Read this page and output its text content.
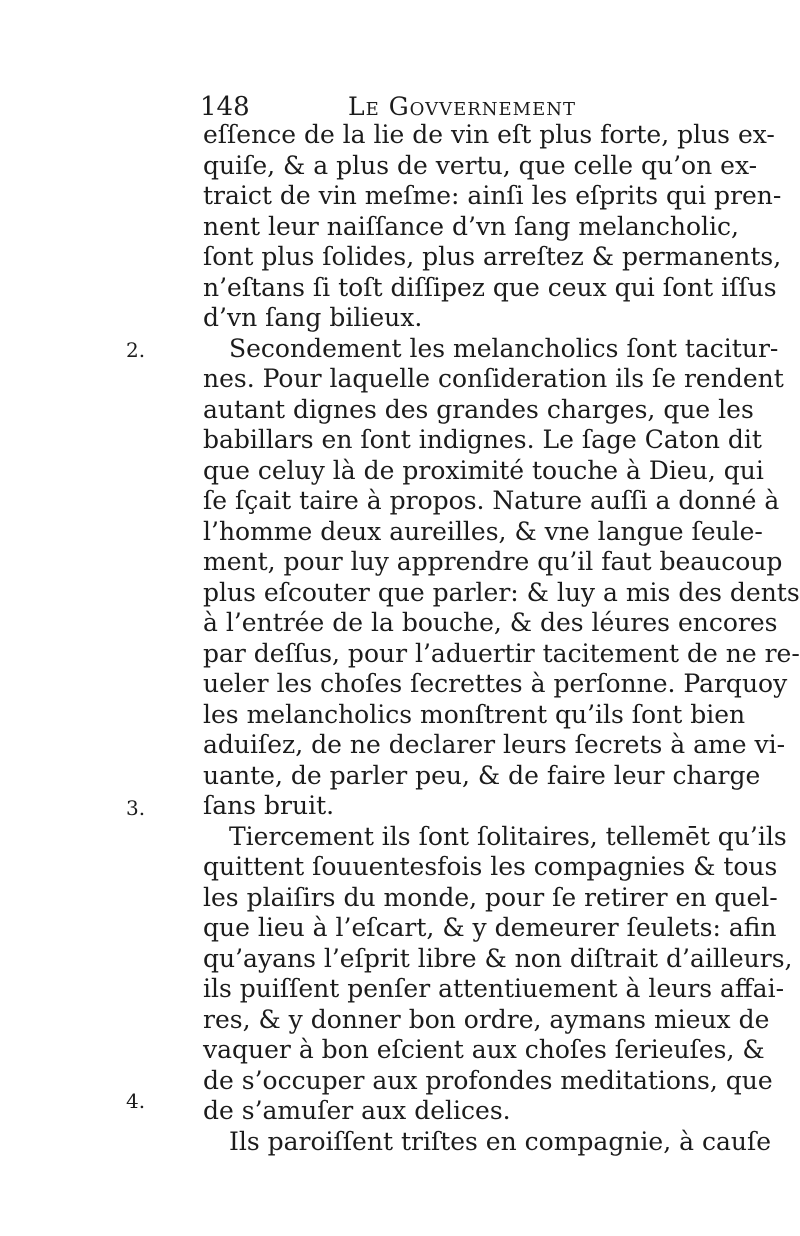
148	Le Govvernement
2.
3.
4.
eſſence de la lie de vin eſt plus forte, plus ex-
quiſe, & a plus de vertu, que celle qu’on ex-
traict de vin meſme: ainſi les eſprits qui pren-
nent leur naiſſance d’vn ſang melancholic,
ſont plus ſolides, plus arreſtez & permanents,
n’eſtans ſi toſt diſſipez que ceux qui ſont iſſus
d’vn ſang bilieux.
Secondement les melancholics ſont tacitur-
nes. Pour laquelle conſideration ils ſe rendent
autant dignes des grandes charges, que les
babillars en ſont indignes. Le ſage Caton dit
que celuy là de proximité touche à Dieu, qui
ſe ſçait taire à propos. Nature auſſi a donné à
l’homme deux aureilles, & vne langue ſeule-
ment, pour luy apprendre qu’il faut beaucoup
plus eſcouter que parler: & luy a mis des dents
à l’entrée de la bouche, & des léures encores
par deſſus, pour l’aduertir tacitement de ne re-
ueler les choſes ſecrettes à perſonne. Parquoy
les melancholics monſtrent qu’ils ſont bien
aduiſez, de ne declarer leurs ſecrets à ame vi-
uante, de parler peu, & de faire leur charge
ſans bruit.
Tiercement ils ſont ſolitaires, tellemēt qu’ils
quittent ſouuentesfois les compagnies & tous
les plaiſirs du monde, pour ſe retirer en quel-
que lieu à l’eſcart, & y demeurer ſeulets: afin
qu’ayans l’eſprit libre & non diſtrait d’ailleurs,
ils puiſſent penſer attentiuement à leurs affai-
res, & y donner bon ordre, aymans mieux de
vaquer à bon eſcient aux choſes ſerieuſes, &
de s’occuper aux profondes meditations, que
de s’amuſer aux delices.
Ils paroiſſent triſtes en compagnie, à cauſe
